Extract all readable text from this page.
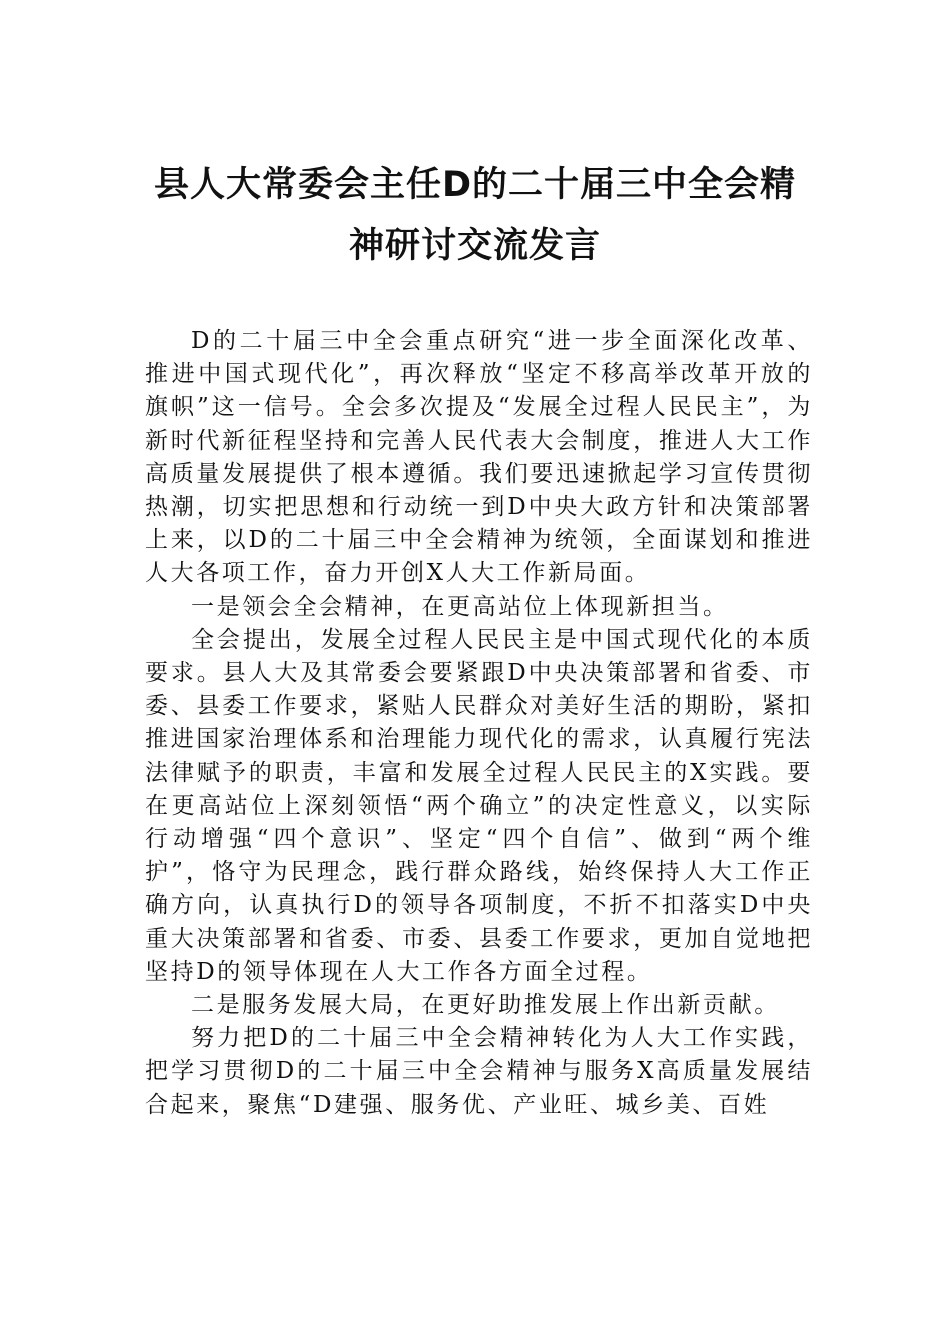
县人大常委会主任D的二十届三中全会精
神研讨交流发言

D的二十届三中全会重点研究“进一步全面深化改革、推进中国式现代化”，再次释放“坚定不移高举改革开放的旗帜”这一信号。全会多次提及“发展全过程人民民主”，为新时代新征程坚持和完善人民代表大会制度，推进人大工作高质量发展提供了根本遵循。我们要迅速掀起学习宣传贯彻热潮，切实把思想和行动统一到D中央大政方针和决策部署上来，以D的二十届三中全会精神为统领，全面谋划和推进人大各项工作，奋力开创X人大工作新局面。

一是领会全会精神，在更高站位上体现新担当。

全会提出，发展全过程人民民主是中国式现代化的本质要求。县人大及其常委会要紧跟D中央决策部署和省委、市委、县委工作要求，紧贴人民群众对美好生活的期盼，紧扣推进国家治理体系和治理能力现代化的需求，认真履行宪法法律赋予的职责，丰富和发展全过程人民民主的X实践。要在更高站位上深刻领悟“两个确立”的决定性意义，以实际行动增强“四个意识”、坚定“四个自信”、做到“两个维护”，恪守为民理念，践行群众路线，始终保持人大工作正确方向，认真执行D的领导各项制度，不折不扣落实D中央重大决策部署和省委、市委、县委工作要求，更加自觉地把坚持D的领导体现在人大工作各方面全过程。

二是服务发展大局，在更好助推发展上作出新贡献。

努力把D的二十届三中全会精神转化为人大工作实践，把学习贯彻D的二十届三中全会精神与服务X高质量发展结合起来，聚焦“D建强、服务优、产业旺、城乡美、百姓
